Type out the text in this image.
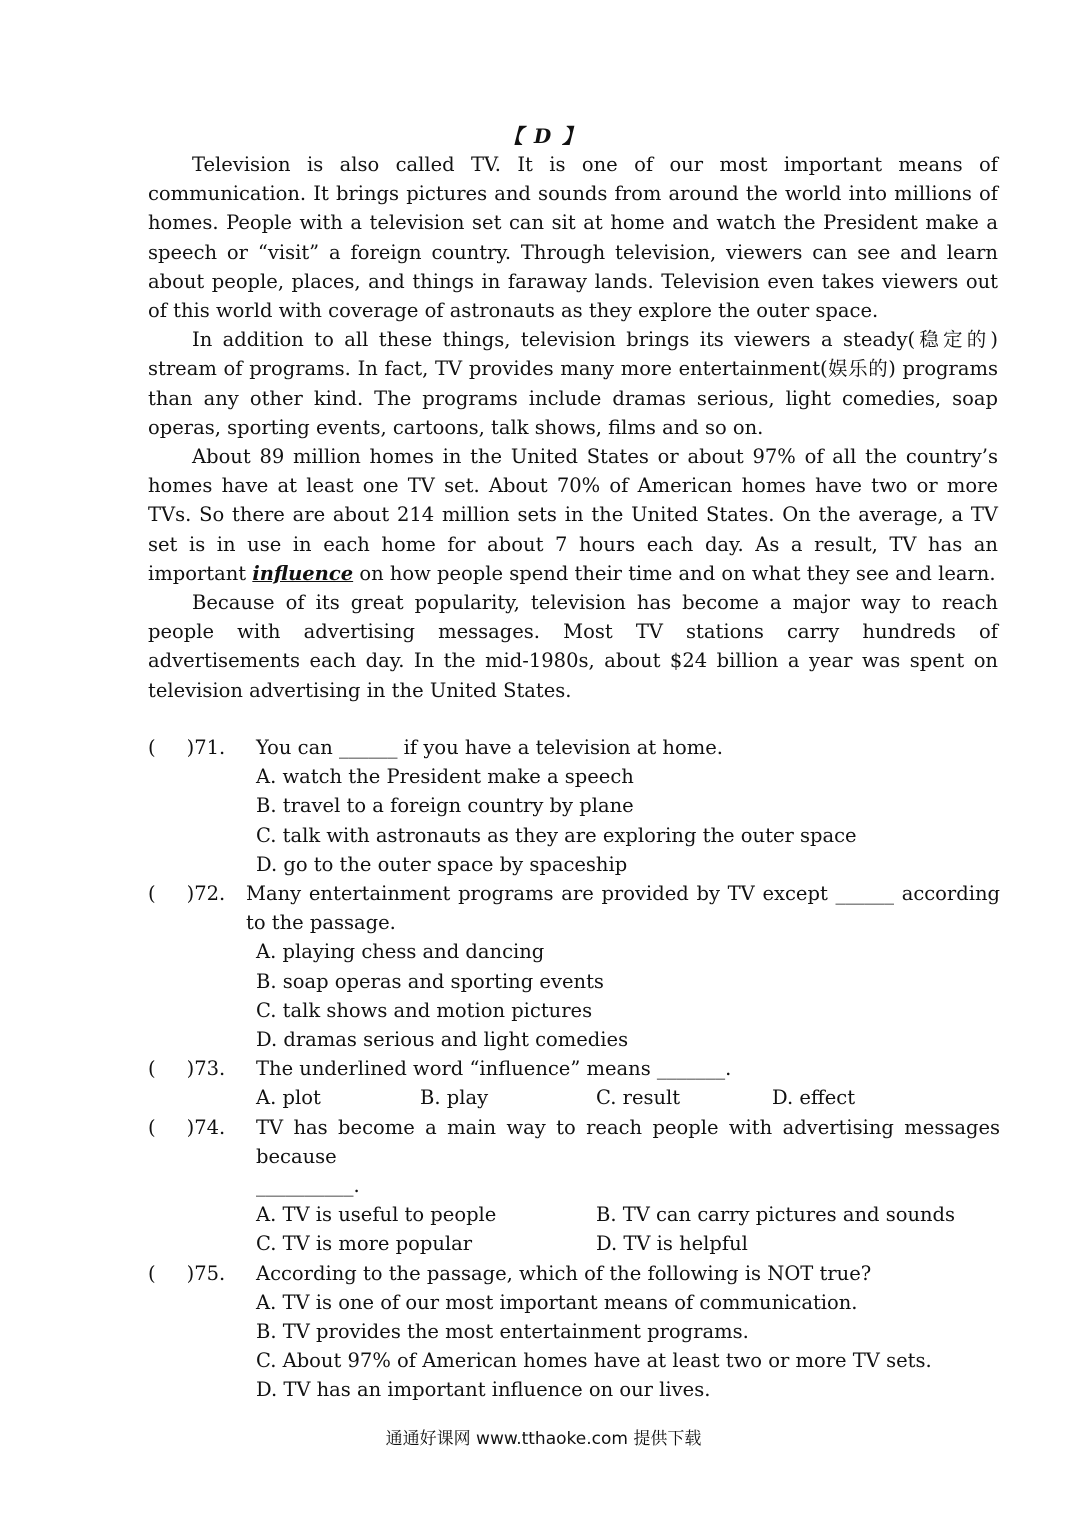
【 D 】

Television is also called TV. It is one of our most important means of communication. It brings pictures and sounds from around the world into millions of homes. People with a television set can sit at home and watch the President make a speech or “visit” a foreign country. Through television, viewers can see and learn about people, places, and things in faraway lands. Television even takes viewers out of this world with coverage of astronauts as they explore the outer space.

In addition to all these things, television brings its viewers a steady(稳定的) stream of programs. In fact, TV provides many more entertainment(娱乐的) programs than any other kind. The programs include dramas serious, light comedies, soap operas, sporting events, cartoons, talk shows, films and so on.

About 89 million homes in the United States or about 97% of all the country’s homes have at least one TV set. About 70% of American homes have two or more TVs. So there are about 214 million sets in the United States. On the average, a TV set is in use in each home for about 7 hours each day. As a result, TV has an important influence on how people spend their time and on what they see and learn.

Because of its great popularity, television has become a major way to reach people with advertising messages. Most TV stations carry hundreds of advertisements each day. In the mid-1980s, about $24 billion a year was spent on television advertising in the United States.

(     )71.	You can ______ if you have a television at home.
A. watch the President make a speech
B. travel to a foreign country by plane
C. talk with astronauts as they are exploring the outer space
D. go to the outer space by spaceship
(     )72. Many entertainment programs are provided by TV except ______ according to the passage.
A. playing chess and dancing
B. soap operas and sporting events
C. talk shows and motion pictures
D. dramas serious and light comedies
(     )73.	The underlined word “influence” means _______.
A. plot	B. play	C. result	D. effect
(     )74.	TV has become a main way to reach people with advertising messages because
__________.
A. TV is useful to people	B. TV can carry pictures and sounds
C. TV is more popular	D. TV is helpful
(     )75.	According to the passage, which of the following is NOT true?
A. TV is one of our most important means of communication.
B. TV provides the most entertainment programs.
C. About 97% of American homes have at least two or more TV sets.
D. TV has an important influence on our lives.
通通好课网 www.tthaoke.com 提供下载
